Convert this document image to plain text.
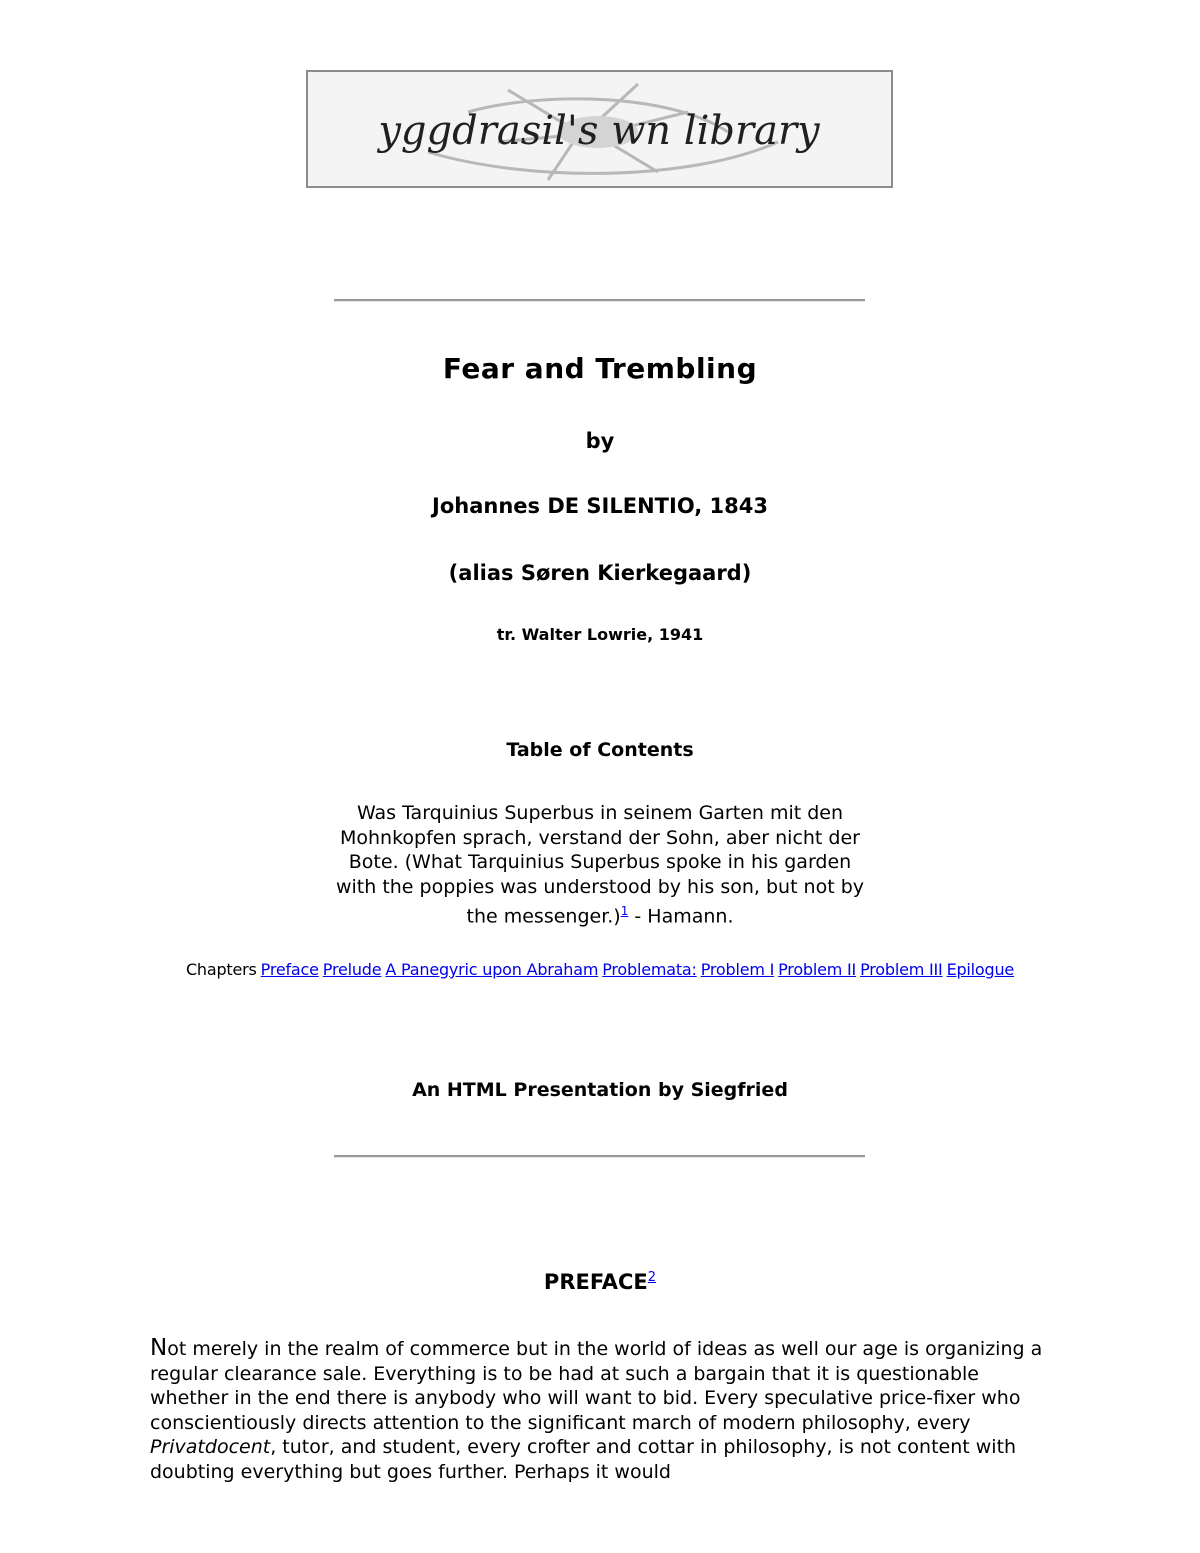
yggdrasil's wn library
Fear and Trembling
by
Johannes DE SILENTIO, 1843
(alias Søren Kierkegaard)
tr. Walter Lowrie, 1941
Table of Contents
Was Tarquinius Superbus in seinem Garten mit den Mohnkopfen sprach, verstand der Sohn, aber nicht der Bote. (What Tarquinius Superbus spoke in his garden with the poppies was understood by his son, but not by the messenger.)$^1$ - Hamann.
Chapters Preface Prelude A Panegyric upon Abraham Problemata: Problem I Problem II Problem III Epilogue
An HTML Presentation by Siegfried
PREFACE$^2$
Not merely in the realm of commerce but in the world of ideas as well our age is organizing a regular clearance sale. Everything is to be had at such a bargain that it is questionable whether in the end there is anybody who will want to bid. Every speculative price-fixer who conscientiously directs attention to the significant march of modern philosophy, every Privatdocent, tutor, and student, every crofter and cottar in philosophy, is not content with doubting everything but goes further. Perhaps it would
